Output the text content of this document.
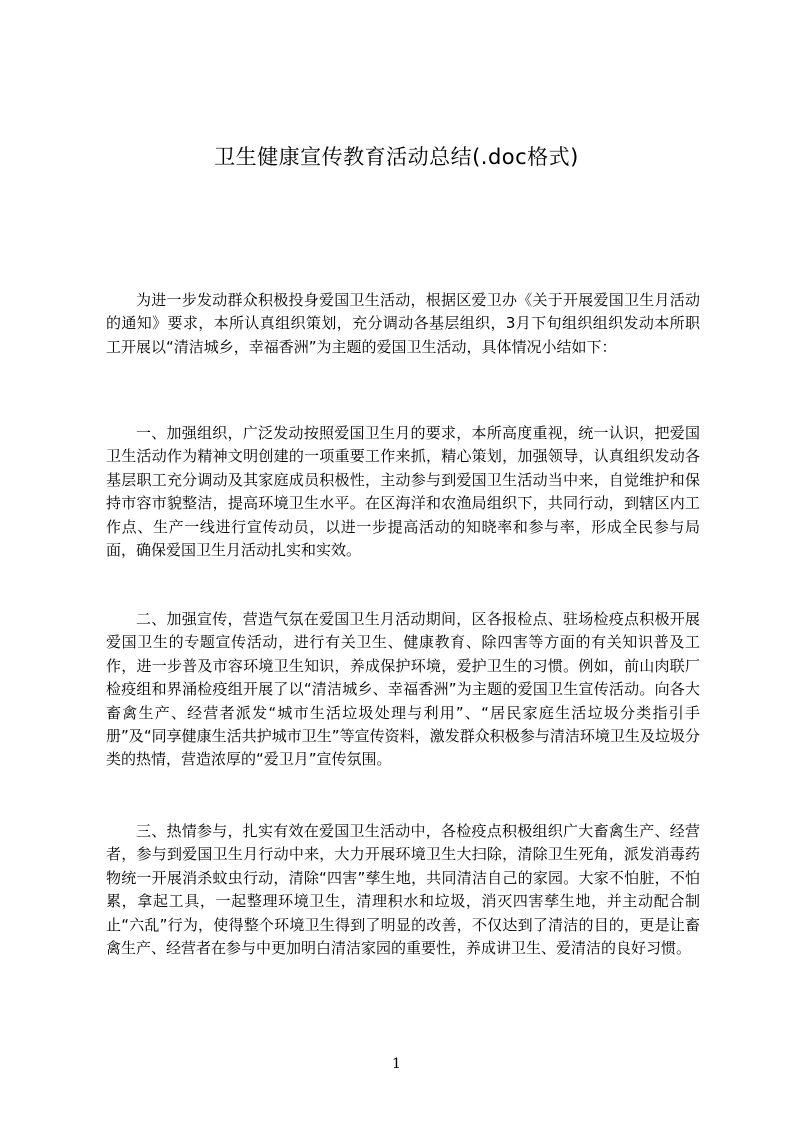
卫生健康宣传教育活动总结(.doc格式)

为进一步发动群众积极投身爱国卫生活动，根据区爱卫办《关于开展爱国卫生月活动的通知》要求，本所认真组织策划，充分调动各基层组织，3月下旬组织组织发动本所职工开展以“清洁城乡，幸福香洲”为主题的爱国卫生活动，具体情况小结如下：

一、加强组织，广泛发动按照爱国卫生月的要求，本所高度重视，统一认识，把爱国卫生活动作为精神文明创建的一项重要工作来抓，精心策划，加强领导，认真组织发动各基层职工充分调动及其家庭成员积极性，主动参与到爱国卫生活动当中来，自觉维护和保持市容市貌整洁，提高环境卫生水平。在区海洋和农渔局组织下，共同行动，到辖区内工作点、生产一线进行宣传动员，以进一步提高活动的知晓率和参与率，形成全民参与局面，确保爱国卫生月活动扎实和实效。

二、加强宣传，营造气氛在爱国卫生月活动期间，区各报检点、驻场检疫点积极开展爱国卫生的专题宣传活动，进行有关卫生、健康教育、除四害等方面的有关知识普及工作，进一步普及市容环境卫生知识，养成保护环境，爱护卫生的习惯。例如，前山肉联厂检疫组和界涌检疫组开展了以“清洁城乡、幸福香洲”为主题的爱国卫生宣传活动。向各大畜禽生产、经营者派发“城市生活垃圾处理与利用”、“居民家庭生活垃圾分类指引手册”及“同享健康生活共护城市卫生”等宣传资料，激发群众积极参与清洁环境卫生及垃圾分类的热情，营造浓厚的“爱卫月”宣传氛围。

三、热情参与，扎实有效在爱国卫生活动中，各检疫点积极组织广大畜禽生产、经营者，参与到爱国卫生月行动中来，大力开展环境卫生大扫除，清除卫生死角，派发消毒药物统一开展消杀蚊虫行动，清除“四害”孳生地，共同清洁自己的家园。大家不怕脏，不怕累，拿起工具，一起整理环境卫生，清理积水和垃圾，消灭四害孳生地，并主动配合制止“六乱”行为，使得整个环境卫生得到了明显的改善，不仅达到了清洁的目的，更是让畜禽生产、经营者在参与中更加明白清洁家园的重要性，养成讲卫生、爱清洁的良好习惯。

1
